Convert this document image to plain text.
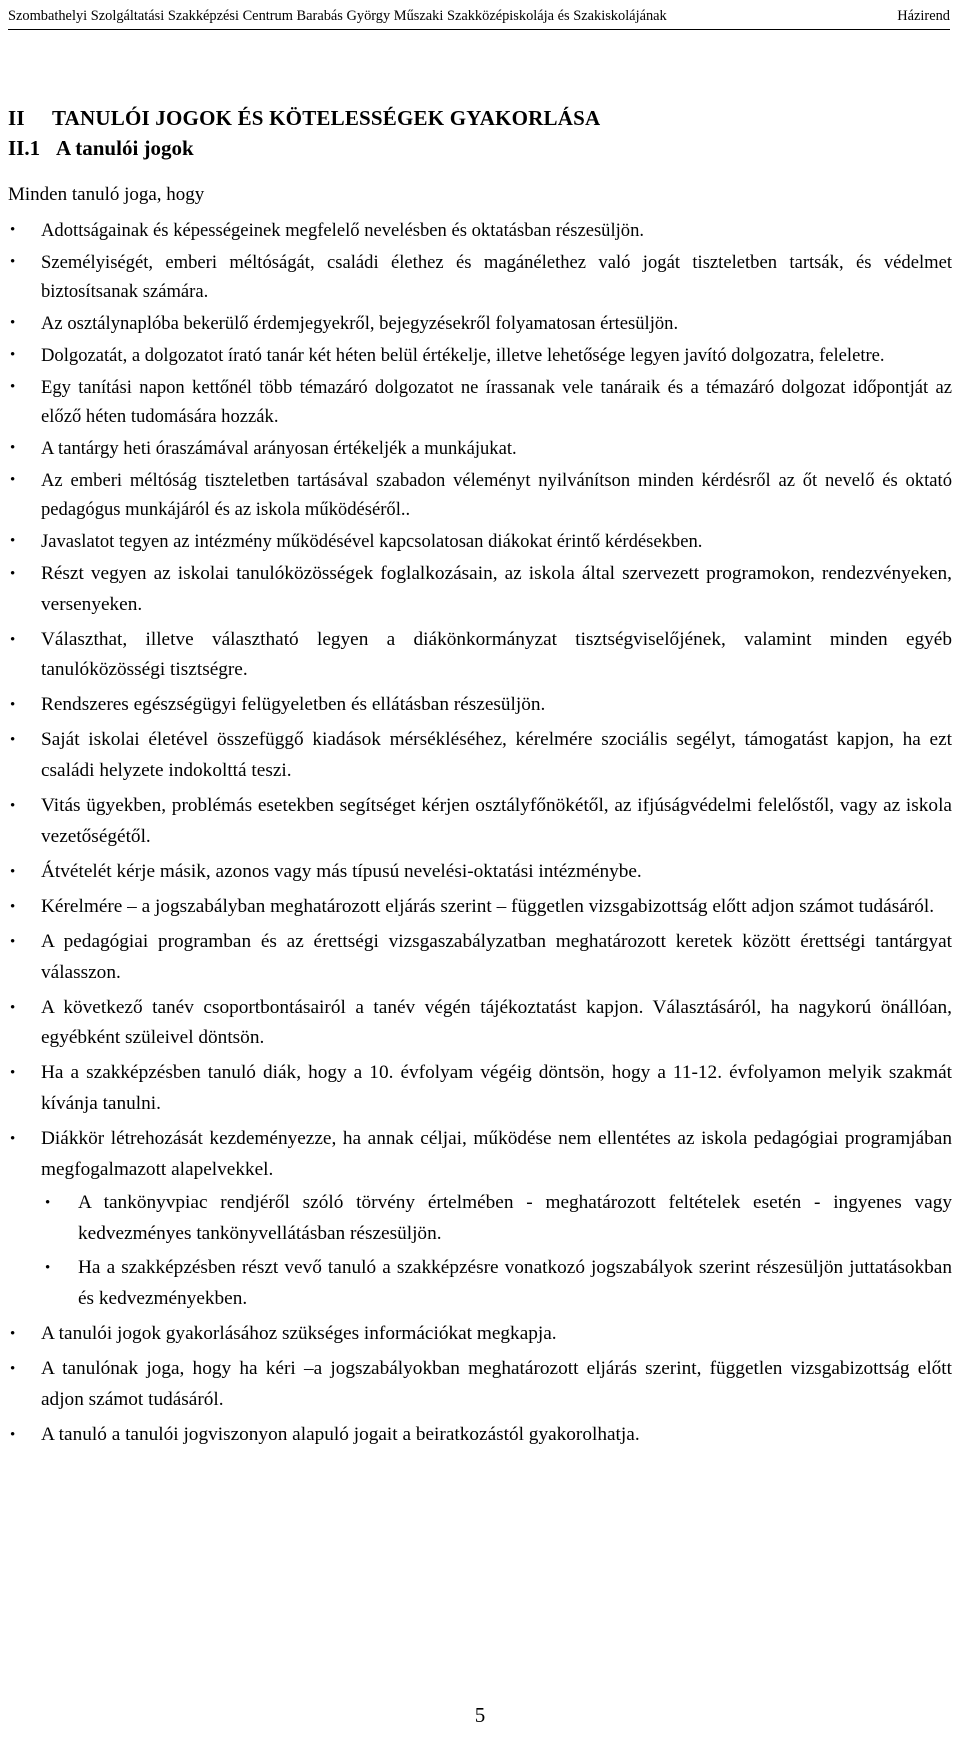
Szombathelyi Szolgáltatási Szakképzési Centrum Barabás György Műszaki Szakközépiskolája és Szakiskolájának	Házirend
II TANULÓI JOGOK ÉS KÖTELESSÉGEK GYAKORLÁSA
II.1 A tanulói jogok

Minden tanuló joga, hogy

• Adottságainak és képességeinek megfelelő nevelésben és oktatásban részesüljön.
• Személyiségét, emberi méltóságát, családi élethez és magánélethez való jogát tiszteletben tartsák, és védelmet biztosítsanak számára.
• Az osztálynaplóba bekerülő érdemjegyekről, bejegyzésekről folyamatosan értesüljön.
• Dolgozatát, a dolgozatot írató tanár két héten belül értékelje, illetve lehetősége legyen javító dolgozatra, feleletre.
• Egy tanítási napon kettőnél több témazáró dolgozatot ne írassanak vele tanáraik és a témazáró dolgozat időpontját az előző héten tudomására hozzák.
• A tantárgy heti óraszámával arányosan értékeljék a munkájukat.
• Az emberi méltóság tiszteletben tartásával szabadon véleményt nyilvánítson minden kérdésről az őt nevelő és oktató pedagógus munkájáról és az iskola működéséről..
• Javaslatot tegyen az intézmény működésével kapcsolatosan diákokat érintő kérdésekben.
• Részt vegyen az iskolai tanulóközösségek foglalkozásain, az iskola által szervezett programokon, rendezvényeken, versenyeken.
• Választhat, illetve választható legyen a diákönkormányzat tisztségviselőjének, valamint minden egyéb tanulóközösségi tisztségre.
• Rendszeres egészségügyi felügyeletben és ellátásban részesüljön.
• Saját iskolai életével összefüggő kiadások mérsékléséhez, kérelmére szociális segélyt, támogatást kapjon, ha ezt családi helyzete indokolttá teszi.
• Vitás ügyekben, problémás esetekben segítséget kérjen osztályfőnökétől, az ifjúságvédelmi felelőstől, vagy az iskola vezetőségétől.
• Átvételét kérje másik, azonos vagy más típusú nevelési-oktatási intézménybe.
• Kérelmére – a jogszabályban meghatározott eljárás szerint – független vizsgabizottság előtt adjon számot tudásáról.
• A pedagógiai programban és az érettségi vizsgaszabályzatban meghatározott keretek között érettségi tantárgyat válasszon.
• A következő tanév csoportbontásairól a tanév végén tájékoztatást kapjon. Választásáról, ha nagykorú önállóan, egyébként szüleivel döntsön.
• Ha a szakképzésben tanuló diák, hogy a 10. évfolyam végéig döntsön, hogy a 11-12. évfolyamon melyik szakmát kívánja tanulni.
• Diákkör létrehozását kezdeményezze, ha annak céljai, működése nem ellentétes az iskola pedagógiai programjában megfogalmazott alapelvekkel.
• A tankönyvpiac rendjéről szóló törvény értelmében - meghatározott feltételek esetén - ingyenes vagy kedvezményes tankönyvellátásban részesüljön.
• Ha a szakképzésben részt vevő tanuló a szakképzésre vonatkozó jogszabályok szerint részesüljön juttatásokban és kedvezményekben.
• A tanulói jogok gyakorlásához szükséges információkat megkapja.
• A tanulónak joga, hogy ha kéri –a jogszabályokban meghatározott eljárás szerint, független vizsgabizottság előtt adjon számot tudásáról.
• A tanuló a tanulói jogviszonyon alapuló jogait a beiratkozástól gyakorolhatja.
5
